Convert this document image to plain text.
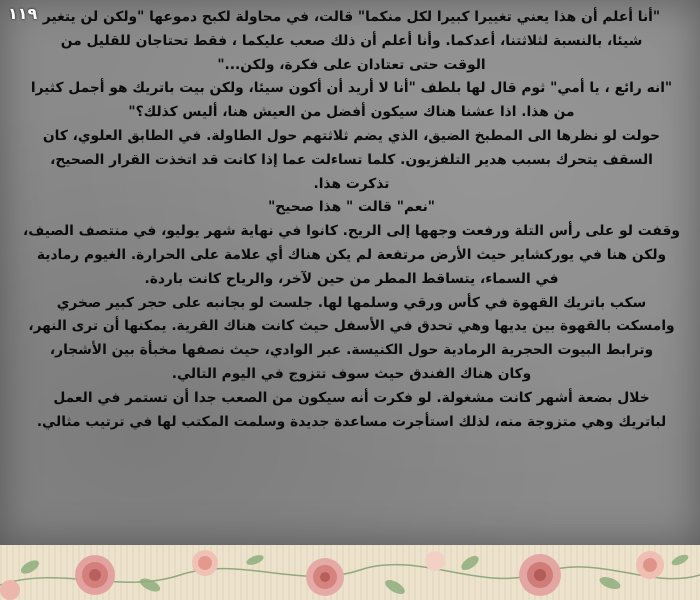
١١٩ "أنا أعلم أن هذا يعني تغييرا كبيرا لكل منكما" قالت، في محاولة لكبح دموعها "ولكن لن يتغير
شيئا، بالنسبة لثلاثتنا، أعدكما. وأنا أعلم أن ذلك صعب عليكما ، فقط تحتاجان للقليل من
الوقت حتى تعتادان على فكرة، ولكن..."
"انه رائع ، يا أمي" ثوم قال لها بلطف "أنا لا أريد أن أكون سيئا، ولكن بيت باتريك هو أجمل كثيرا
من هذا. اذا عشنا هناك سيكون أفضل من العيش هنا، أليس كذلك؟"
حولت لو نظرها الى المطبخ الضيق، الذي يضم ثلاثتهم حول الطاولة. في الطابق العلوي، كان
السقف يتحرك بسبب هدير التلفزيون. كلما تساءلت عما إذا كانت قد اتخذت القرار الصحيح،
تذكرت هذا.
"نعم" قالت " هذا صحيح"
وقفت لو على رأس التلة ورفعت وجهها إلى الريح. كانوا في نهاية شهر يوليو، في منتصف الصيف،
ولكن هنا في يوركشاير حيث الأرض مرتفعة لم يكن هناك أي علامة على الحرارة. الغيوم رمادية
في السماء، يتساقط المطر من حين لآخر، والرياح كانت باردة.
سكب باتريك القهوة في كأس ورقي وسلمها لها. جلست لو بجانبه على حجر كبير صخري
وامسكت بالقهوة بين يديها وهي تحدق في الأسفل حيث كانت هناك القرية. يمكنها أن ترى النهر،
وترابط البيوت الحجرية الرمادية حول الكنيسة. عبر الوادي، حيث نصفها مخبأة بين الأشجار،
وكان هناك الفندق حيث سوف تتزوج في اليوم التالي.
خلال بضعة أشهر كانت مشغولة. لو فكرت أنه سيكون من الصعب جدا أن تستمر في العمل
لباتريك وهي متزوجة منه، لذلك استأجرت مساعدة جديدة وسلمت المكتب لها في ترتيب مثالي.
